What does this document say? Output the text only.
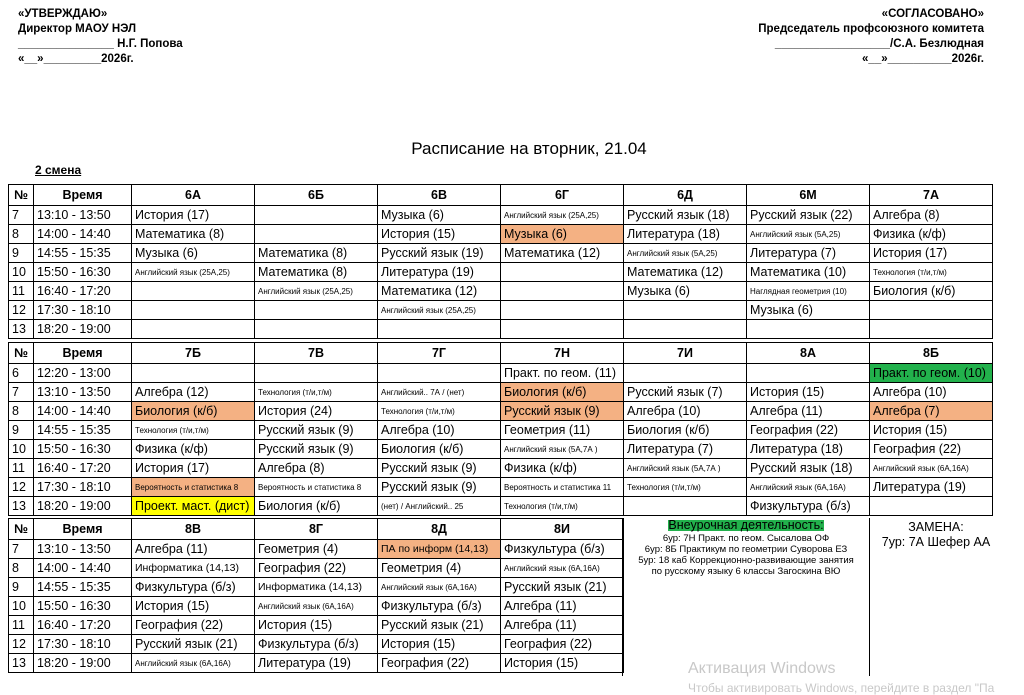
«УТВЕРЖДАЮ»
Директор МАОУ НЭЛ
_______________ Н.Г. Попова
«__»_________2026г.
«СОГЛАСОВАНО»
Председатель профсоюзного комитета
__________________/С.А. Безлюдная
«__»__________2026г.
Расписание на вторник, 21.04
2 смена
№	Время	6А	6Б	6В	6Г	6Д	6М	7А
7	13:10 - 13:50	История (17)		Музыка (6)	Английский язык (25А,25)	Русский язык (18)	Русский язык (22)	Алгебра (8)
8	14:00 - 14:40	Математика (8)		История (15)	Музыка (6)	Литература (18)	Английский язык (5А,25)	Физика (к/ф)
9	14:55 - 15:35	Музыка (6)	Математика (8)	Русский язык (19)	Математика (12)	Английский язык (5А,25)	Литература (7)	История (17)
10	15:50 - 16:30	Английский язык (25А,25)	Математика (8)	Литература (19)		Математика (12)	Математика (10)	Технология (т/и,т/м)
11	16:40 - 17:20		Английский язык (25А,25)	Математика (12)		Музыка (6)	Наглядная геометрия (10)	Биология (к/б)
12	17:30 - 18:10			Английский язык (25А,25)			Музыка (6)	
13	18:20 - 19:00							
№	Время	7Б	7В	7Г	7Н	7И	8А	8Б
6	12:20 - 13:00				Практ. по геом. (11)			Практ. по геом. (10)
7	13:10 - 13:50	Алгебра (12)	Технология (т/и,т/м)	Английский.. 7А / (нет)	Биология (к/б)	Русский язык (7)	История (15)	Алгебра (10)
8	14:00 - 14:40	Биология (к/б)	История (24)	Технология (т/и,т/м)	Русский язык (9)	Алгебра (10)	Алгебра (11)	Алгебра (7)
9	14:55 - 15:35	Технология (т/и,т/м)	Русский язык (9)	Алгебра (10)	Геометрия (11)	Биология (к/б)	География (22)	История (15)
10	15:50 - 16:30	Физика (к/ф)	Русский язык (9)	Биология (к/б)	Английский язык (5А,7А )	Литература (7)	Литература (18)	География (22)
11	16:40 - 17:20	История (17)	Алгебра (8)	Русский язык (9)	Физика (к/ф)	Английский язык (5А,7А )	Русский язык (18)	Английский язык (6А,16А)
12	17:30 - 18:10	Вероятность и статистика 8	Вероятность и статистика 8	Русский язык (9)	Вероятность и статистика 11	Технология (т/и,т/м)	Английский язык (6А,16А)	Литература (19)
13	18:20 - 19:00	Проект. маст. (дист)	Биология (к/б)	(нет) / Английский.. 25	Технология (т/и,т/м)		Физкультура (б/з)	
№	Время	8В	8Г	8Д	8И
7	13:10 - 13:50	Алгебра (11)	Геометрия (4)	ПА по информ (14,13)	Физкультура (б/з)
8	14:00 - 14:40	Информатика (14,13)	География (22)	Геометрия (4)	Английский язык (6А,16А)
9	14:55 - 15:35	Физкультура (б/з)	Информатика (14,13)	Английский язык (6А,16А)	Русский язык (21)
10	15:50 - 16:30	История (15)	Английский язык (6А,16А)	Физкультура (б/з)	Алгебра (11)
11	16:40 - 17:20	География (22)	История (15)	Русский язык (21)	Алгебра (11)
12	17:30 - 18:10	Русский язык (21)	Физкультура (б/з)	История (15)	География (22)
13	18:20 - 19:00	Английский язык (6А,16А)	Литература (19)	География (22)	История (15)
Внеурочная деятельность:
6ур: 7Н Практ. по геом. Сысалова ОФ
6ур: 8Б Практикум по геометрии Суворова ЕЗ
5ур: 18 каб Коррекционно-развивающие занятия
по русскому языку 6 классы Загоскина ВЮ
ЗАМЕНА:
7ур: 7А Шефер АА
Активация Windows
Чтобы активировать Windows, перейдите в раздел "Па
